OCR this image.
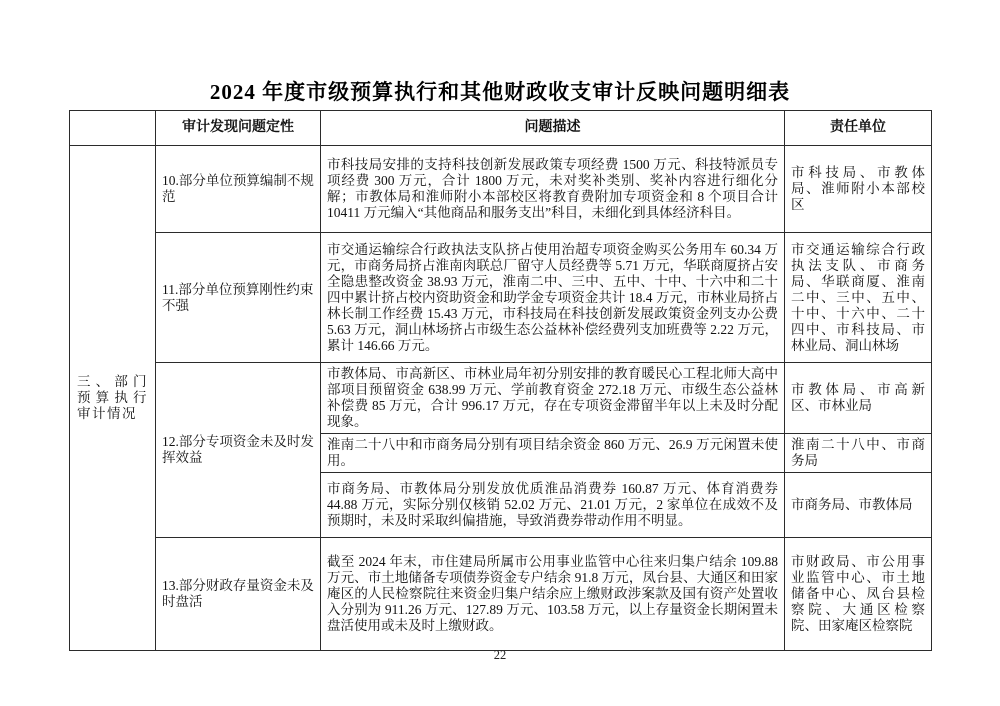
2024 年度市级预算执行和其他财政收支审计反映问题明细表
	审计发现问题定性	问题描述	责任单位
三、部门预算执行审计情况	10.部分单位预算编制不规范	市科技局安排的支持科技创新发展政策专项经费 1500 万元、科技特派员专项经费 300 万元，合计 1800 万元，未对奖补类别、奖补内容进行细化分解；市教体局和淮师附小本部校区将教育费附加专项资金和 8 个项目合计 10411 万元编入“其他商品和服务支出”科目，未细化到具体经济科目。	市科技局、市教体局、淮师附小本部校区
	11.部分单位预算刚性约束不强	市交通运输综合行政执法支队挤占使用治超专项资金购买公务用车 60.34 万元，市商务局挤占淮南肉联总厂留守人员经费等 5.71 万元，华联商厦挤占安全隐患整改资金 38.93 万元，淮南二中、三中、五中、十中、十六中和二十四中累计挤占校内资助资金和助学金专项资金共计 18.4 万元，市林业局挤占林长制工作经费 15.43 万元，市科技局在科技创新发展政策资金列支办公费 5.63 万元，洞山林场挤占市级生态公益林补偿经费列支加班费等 2.22 万元，累计 146.66 万元。	市交通运输综合行政执法支队、市商务局、华联商厦、淮南二中、三中、五中、十中、十六中、二十四中、市科技局、市林业局、洞山林场
	12.部分专项资金未及时发挥效益	市教体局、市高新区、市林业局年初分别安排的教育暖民心工程北师大高中部项目预留资金 638.99 万元、学前教育资金 272.18 万元、市级生态公益林补偿费 85 万元，合计 996.17 万元，存在专项资金滞留半年以上未及时分配现象。	市教体局、市高新区、市林业局
		淮南二十八中和市商务局分别有项目结余资金 860 万元、26.9 万元闲置未使用。	淮南二十八中、市商务局
		市商务局、市教体局分别发放优质淮品消费券 160.87 万元、体育消费券 44.88 万元，实际分别仅核销 52.02 万元、21.01 万元，2 家单位在成效不及预期时，未及时采取纠偏措施，导致消费券带动作用不明显。	市商务局、市教体局
	13.部分财政存量资金未及时盘活	截至 2024 年末，市住建局所属市公用事业监管中心往来归集户结余 109.88 万元、市土地储备专项债券资金专户结余 91.8 万元，凤台县、大通区和田家庵区的人民检察院往来资金归集户结余应上缴财政涉案款及国有资产处置收入分别为 911.26 万元、127.89 万元、103.58 万元，以上存量资金长期闲置未盘活使用或未及时上缴财政。	市财政局、市公用事业监管中心、市土地储备中心、凤台县检察院、大通区检察院、田家庵区检察院
22
